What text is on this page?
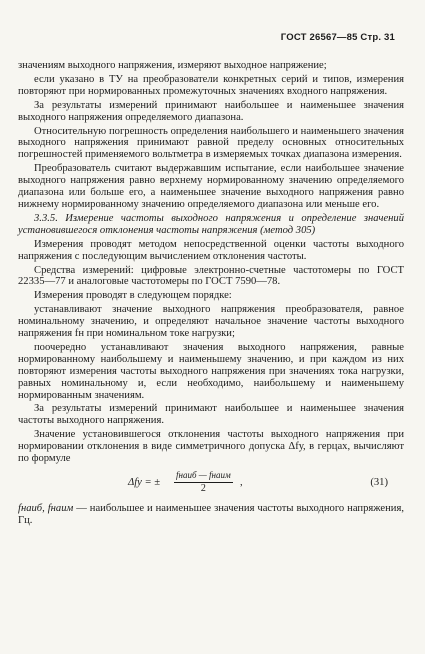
ГОСТ 26567—85 Стр. 31

значениям выходного напряжения, измеряют выходное напряжение;

если указано в ТУ на преобразователи конкретных серий и типов, измерения повторяют при нормированных промежуточных значениях входного напряжения.

За результаты измерений принимают наибольшее и наименьшее значения выходного напряжения определяемого диапазона.

Относительную погрешность определения наибольшего и наименьшего значения выходного напряжения принимают равной пределу основных относительных погрешностей применяемого вольтметра в измеряемых точках диапазона измерения.

Преобразователь считают выдержавшим испытание, если наибольшее значение выходного напряжения равно верхнему нормированному значению определяемого диапазона или больше его, а наименьшее значение выходного напряжения равно нижнему нормированному значению определяемого диапазона или меньше его.

3.3.5. Измерение частоты выходного напряжения и определение значений установившегося отклонения частоты напряжения (метод 305)

Измерения проводят методом непосредственной оценки частоты выходного напряжения с последующим вычислением отклонения частоты.

Средства измерений: цифровые электронно-счетные частотомеры по ГОСТ 22335—77 и аналоговые частотомеры по ГОСТ 7590—78.

Измерения проводят в следующем порядке:

устанавливают значение выходного напряжения преобразователя, равное номинальному значению, и определяют начальное значение частоты выходного напряжения fн при номинальном токе нагрузки;

поочередно устанавливают значения выходного напряжения, равные нормированному наибольшему и наименьшему значению, и при каждом из них повторяют измерения частоты выходного напряжения при значениях тока нагрузки, равных номинальному и, если необходимо, наибольшему и наименьшему нормированным значениям.

За результаты измерений принимают наибольшее и наименьшее значения частоты выходного напряжения.

Значение установившегося отклонения частоты выходного напряжения при нормировании отклонения в виде симметричного допуска Δfу, в герцах, вычисляют по формуле

Δfу = ±
fнаиб — fнаим
2
,	(31)

fнаиб, fнаим — наибольшее и наименьшее значения частоты выходного напряжения, Гц.
